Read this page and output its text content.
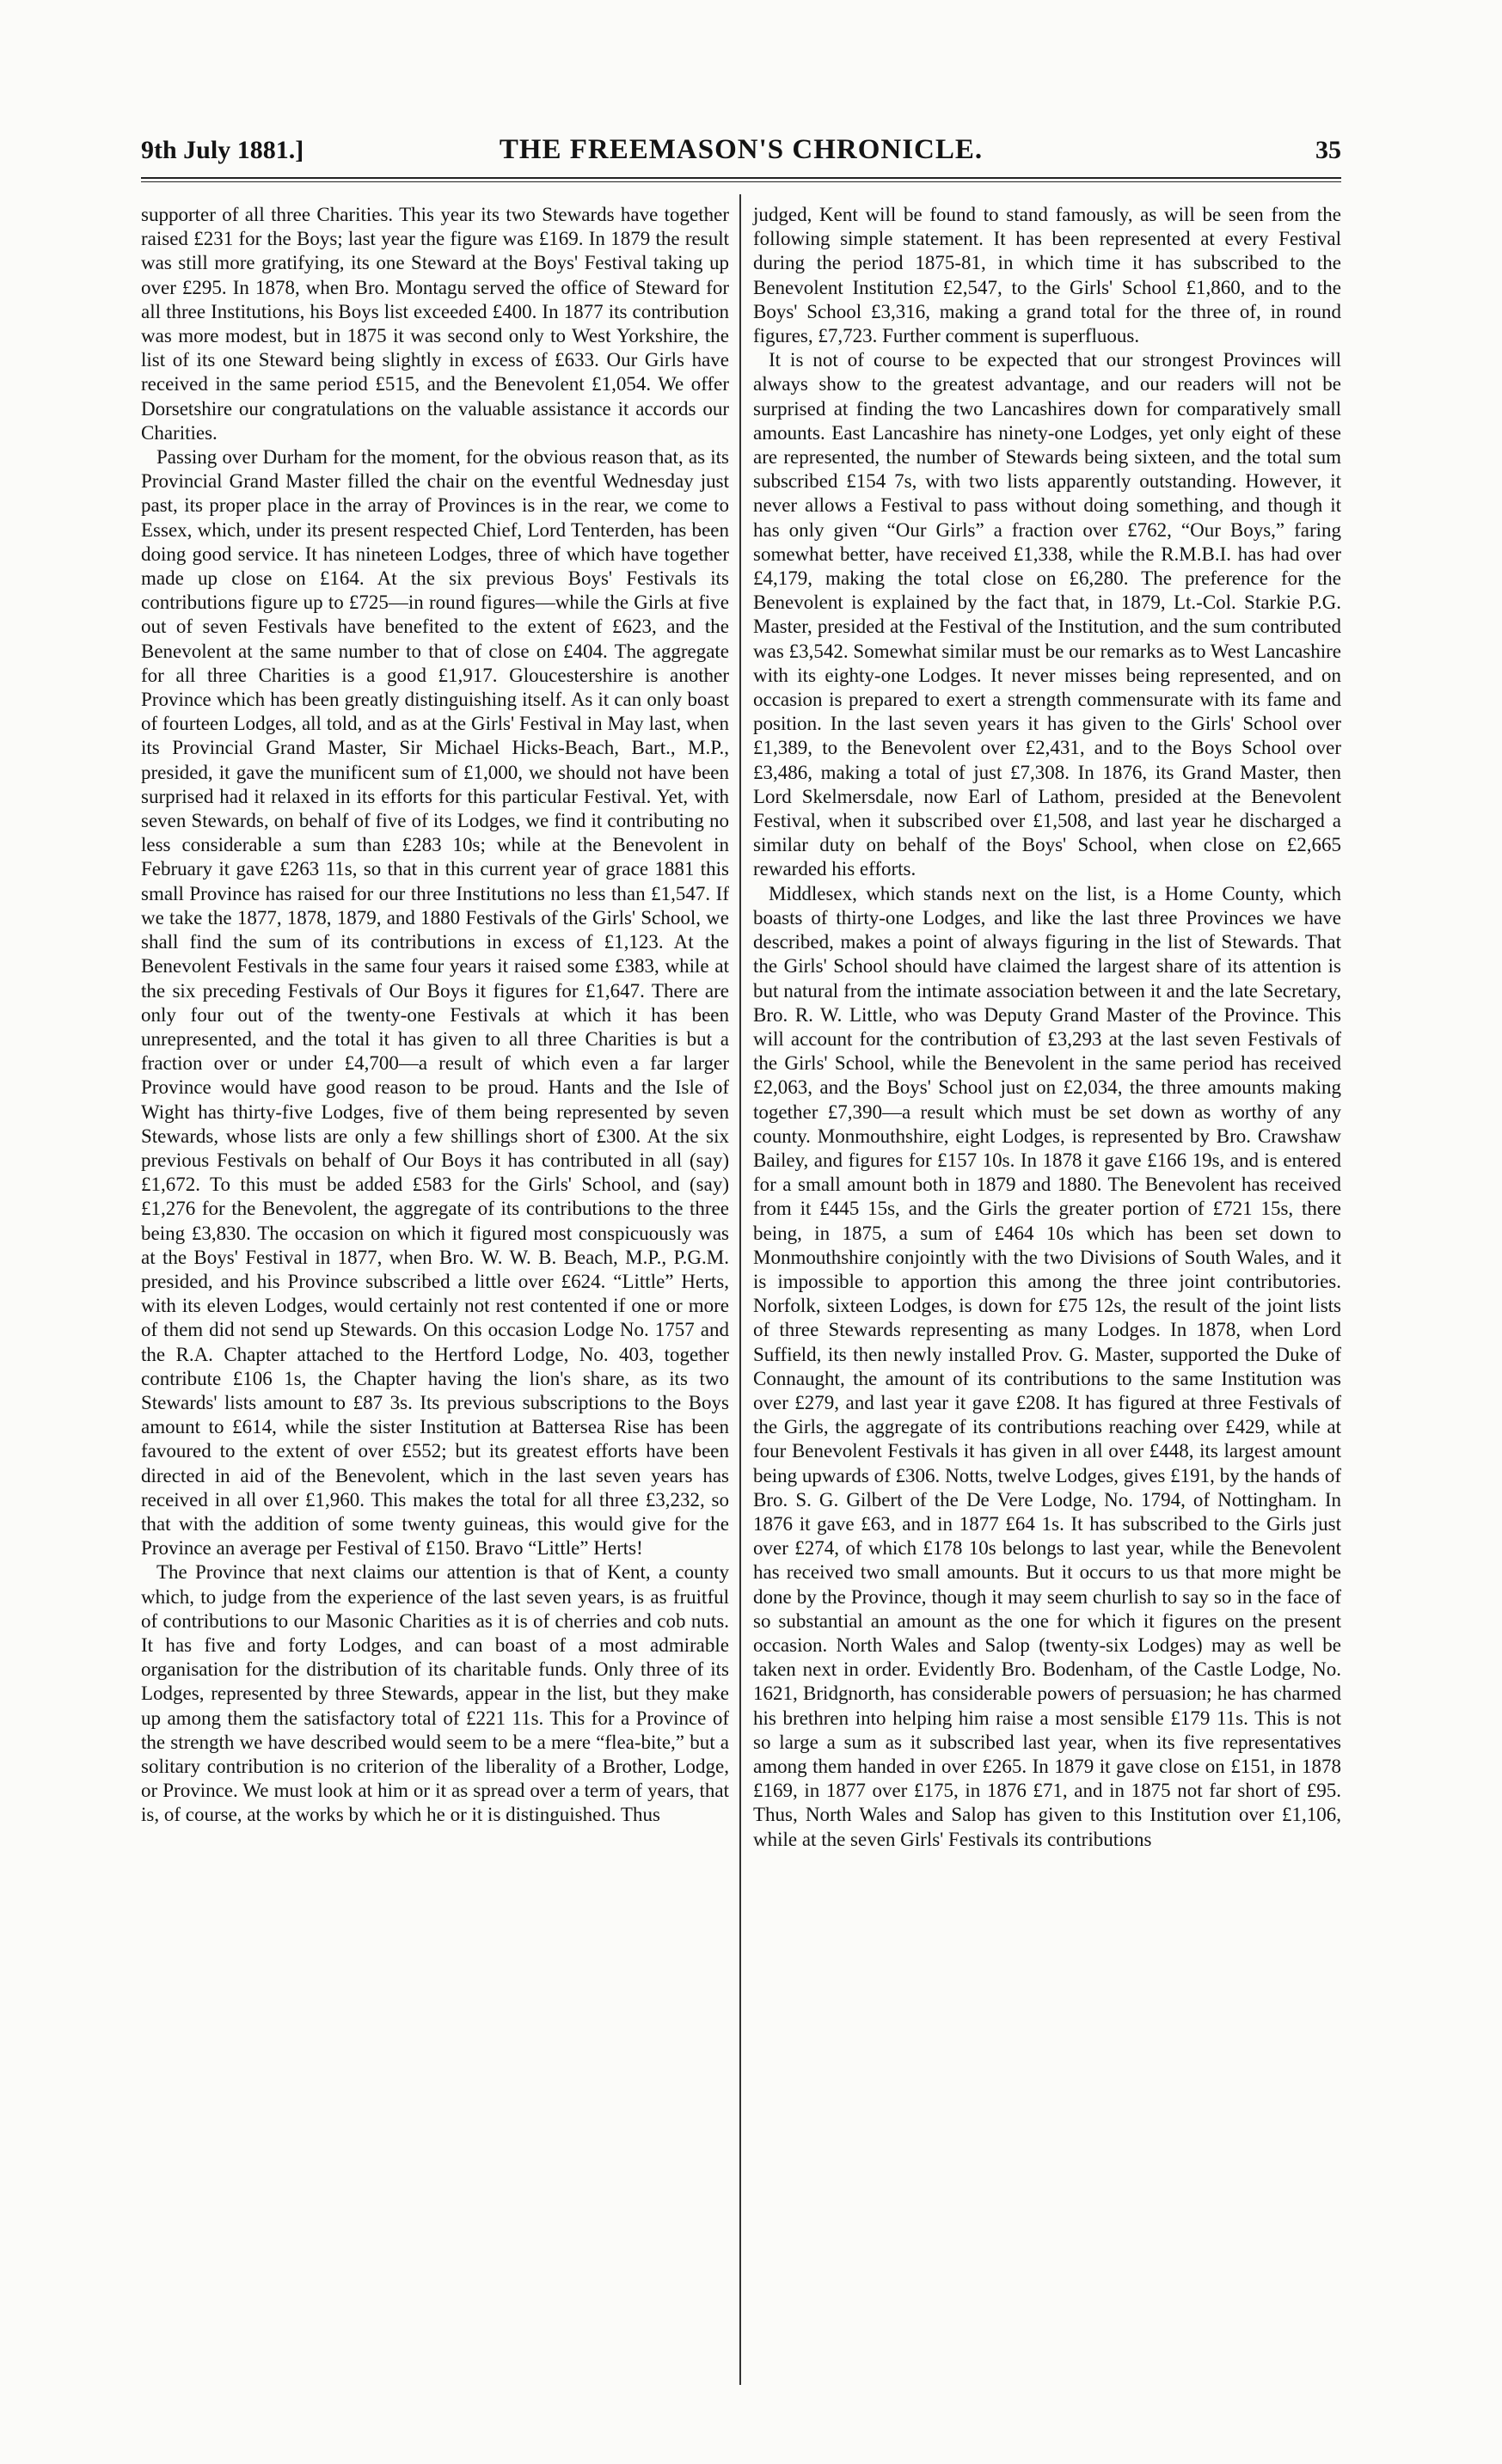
9th July 1881.]	THE FREEMASON'S CHRONICLE.	35

supporter of all three Charities. This year its two Stewards have together raised £231 for the Boys; last year the figure was £169. In 1879 the result was still more gratifying, its one Steward at the Boys' Festival taking up over £295. In 1878, when Bro. Montagu served the office of Steward for all three Institutions, his Boys list exceeded £400. In 1877 its contribution was more modest, but in 1875 it was second only to West Yorkshire, the list of its one Steward being slightly in excess of £633. Our Girls have received in the same period £515, and the Benevolent £1,054. We offer Dorsetshire our congratulations on the valuable assistance it accords our Charities.

Passing over Durham for the moment, for the obvious reason that, as its Provincial Grand Master filled the chair on the eventful Wednesday just past, its proper place in the array of Provinces is in the rear, we come to Essex, which, under its present respected Chief, Lord Tenterden, has been doing good service. It has nineteen Lodges, three of which have together made up close on £164. At the six previous Boys' Festivals its contributions figure up to £725—in round figures—while the Girls at five out of seven Festivals have benefited to the extent of £623, and the Benevolent at the same number to that of close on £404. The aggregate for all three Charities is a good £1,917. Gloucestershire is another Province which has been greatly distinguishing itself. As it can only boast of fourteen Lodges, all told, and as at the Girls' Festival in May last, when its Provincial Grand Master, Sir Michael Hicks-Beach, Bart., M.P., presided, it gave the munificent sum of £1,000, we should not have been surprised had it relaxed in its efforts for this particular Festival. Yet, with seven Stewards, on behalf of five of its Lodges, we find it contributing no less considerable a sum than £283 10s; while at the Benevolent in February it gave £263 11s, so that in this current year of grace 1881 this small Province has raised for our three Institutions no less than £1,547. If we take the 1877, 1878, 1879, and 1880 Festivals of the Girls' School, we shall find the sum of its contributions in excess of £1,123. At the Benevolent Festivals in the same four years it raised some £383, while at the six preceding Festivals of Our Boys it figures for £1,647. There are only four out of the twenty-one Festivals at which it has been unrepresented, and the total it has given to all three Charities is but a fraction over or under £4,700—a result of which even a far larger Province would have good reason to be proud. Hants and the Isle of Wight has thirty-five Lodges, five of them being represented by seven Stewards, whose lists are only a few shillings short of £300. At the six previous Festivals on behalf of Our Boys it has contributed in all (say) £1,672. To this must be added £583 for the Girls' School, and (say) £1,276 for the Benevolent, the aggregate of its contributions to the three being £3,830. The occasion on which it figured most conspicuously was at the Boys' Festival in 1877, when Bro. W. W. B. Beach, M.P., P.G.M. presided, and his Province subscribed a little over £624. “Little” Herts, with its eleven Lodges, would certainly not rest contented if one or more of them did not send up Stewards. On this occasion Lodge No. 1757 and the R.A. Chapter attached to the Hertford Lodge, No. 403, together contribute £106 1s, the Chapter having the lion's share, as its two Stewards' lists amount to £87 3s. Its previous subscriptions to the Boys amount to £614, while the sister Institution at Battersea Rise has been favoured to the extent of over £552; but its greatest efforts have been directed in aid of the Benevolent, which in the last seven years has received in all over £1,960. This makes the total for all three £3,232, so that with the addition of some twenty guineas, this would give for the Province an average per Festival of £150. Bravo “Little” Herts!

The Province that next claims our attention is that of Kent, a county which, to judge from the experience of the last seven years, is as fruitful of contributions to our Masonic Charities as it is of cherries and cob nuts. It has five and forty Lodges, and can boast of a most admirable organisation for the distribution of its charitable funds. Only three of its Lodges, represented by three Stewards, appear in the list, but they make up among them the satisfactory total of £221 11s. This for a Province of the strength we have described would seem to be a mere “flea-bite,” but a solitary contribution is no criterion of the liberality of a Brother, Lodge, or Province. We must look at him or it as spread over a term of years, that is, of course, at the works by which he or it is distinguished. Thus

judged, Kent will be found to stand famously, as will be seen from the following simple statement. It has been represented at every Festival during the period 1875-81, in which time it has subscribed to the Benevolent Institution £2,547, to the Girls' School £1,860, and to the Boys' School £3,316, making a grand total for the three of, in round figures, £7,723. Further comment is superfluous.

It is not of course to be expected that our strongest Provinces will always show to the greatest advantage, and our readers will not be surprised at finding the two Lancashires down for comparatively small amounts. East Lancashire has ninety-one Lodges, yet only eight of these are represented, the number of Stewards being sixteen, and the total sum subscribed £154 7s, with two lists apparently outstanding. However, it never allows a Festival to pass without doing something, and though it has only given “Our Girls” a fraction over £762, “Our Boys,” faring somewhat better, have received £1,338, while the R.M.B.I. has had over £4,179, making the total close on £6,280. The preference for the Benevolent is explained by the fact that, in 1879, Lt.-Col. Starkie P.G. Master, presided at the Festival of the Institution, and the sum contributed was £3,542. Somewhat similar must be our remarks as to West Lancashire with its eighty-one Lodges. It never misses being represented, and on occasion is prepared to exert a strength commensurate with its fame and position. In the last seven years it has given to the Girls' School over £1,389, to the Benevolent over £2,431, and to the Boys School over £3,486, making a total of just £7,308. In 1876, its Grand Master, then Lord Skelmersdale, now Earl of Lathom, presided at the Benevolent Festival, when it subscribed over £1,508, and last year he discharged a similar duty on behalf of the Boys' School, when close on £2,665 rewarded his efforts.

Middlesex, which stands next on the list, is a Home County, which boasts of thirty-one Lodges, and like the last three Provinces we have described, makes a point of always figuring in the list of Stewards. That the Girls' School should have claimed the largest share of its attention is but natural from the intimate association between it and the late Secretary, Bro. R. W. Little, who was Deputy Grand Master of the Province. This will account for the contribution of £3,293 at the last seven Festivals of the Girls' School, while the Benevolent in the same period has received £2,063, and the Boys' School just on £2,034, the three amounts making together £7,390—a result which must be set down as worthy of any county. Monmouthshire, eight Lodges, is represented by Bro. Crawshaw Bailey, and figures for £157 10s. In 1878 it gave £166 19s, and is entered for a small amount both in 1879 and 1880. The Benevolent has received from it £445 15s, and the Girls the greater portion of £721 15s, there being, in 1875, a sum of £464 10s which has been set down to Monmouthshire conjointly with the two Divisions of South Wales, and it is impossible to apportion this among the three joint contributories. Norfolk, sixteen Lodges, is down for £75 12s, the result of the joint lists of three Stewards representing as many Lodges. In 1878, when Lord Suffield, its then newly installed Prov. G. Master, supported the Duke of Connaught, the amount of its contributions to the same Institution was over £279, and last year it gave £208. It has figured at three Festivals of the Girls, the aggregate of its contributions reaching over £429, while at four Benevolent Festivals it has given in all over £448, its largest amount being upwards of £306. Notts, twelve Lodges, gives £191, by the hands of Bro. S. G. Gilbert of the De Vere Lodge, No. 1794, of Nottingham. In 1876 it gave £63, and in 1877 £64 1s. It has subscribed to the Girls just over £274, of which £178 10s belongs to last year, while the Benevolent has received two small amounts. But it occurs to us that more might be done by the Province, though it may seem churlish to say so in the face of so substantial an amount as the one for which it figures on the present occasion. North Wales and Salop (twenty-six Lodges) may as well be taken next in order. Evidently Bro. Bodenham, of the Castle Lodge, No. 1621, Bridgnorth, has considerable powers of persuasion; he has charmed his brethren into helping him raise a most sensible £179 11s. This is not so large a sum as it subscribed last year, when its five representatives among them handed in over £265. In 1879 it gave close on £151, in 1878 £169, in 1877 over £175, in 1876 £71, and in 1875 not far short of £95. Thus, North Wales and Salop has given to this Institution over £1,106, while at the seven Girls' Festivals its contributions
